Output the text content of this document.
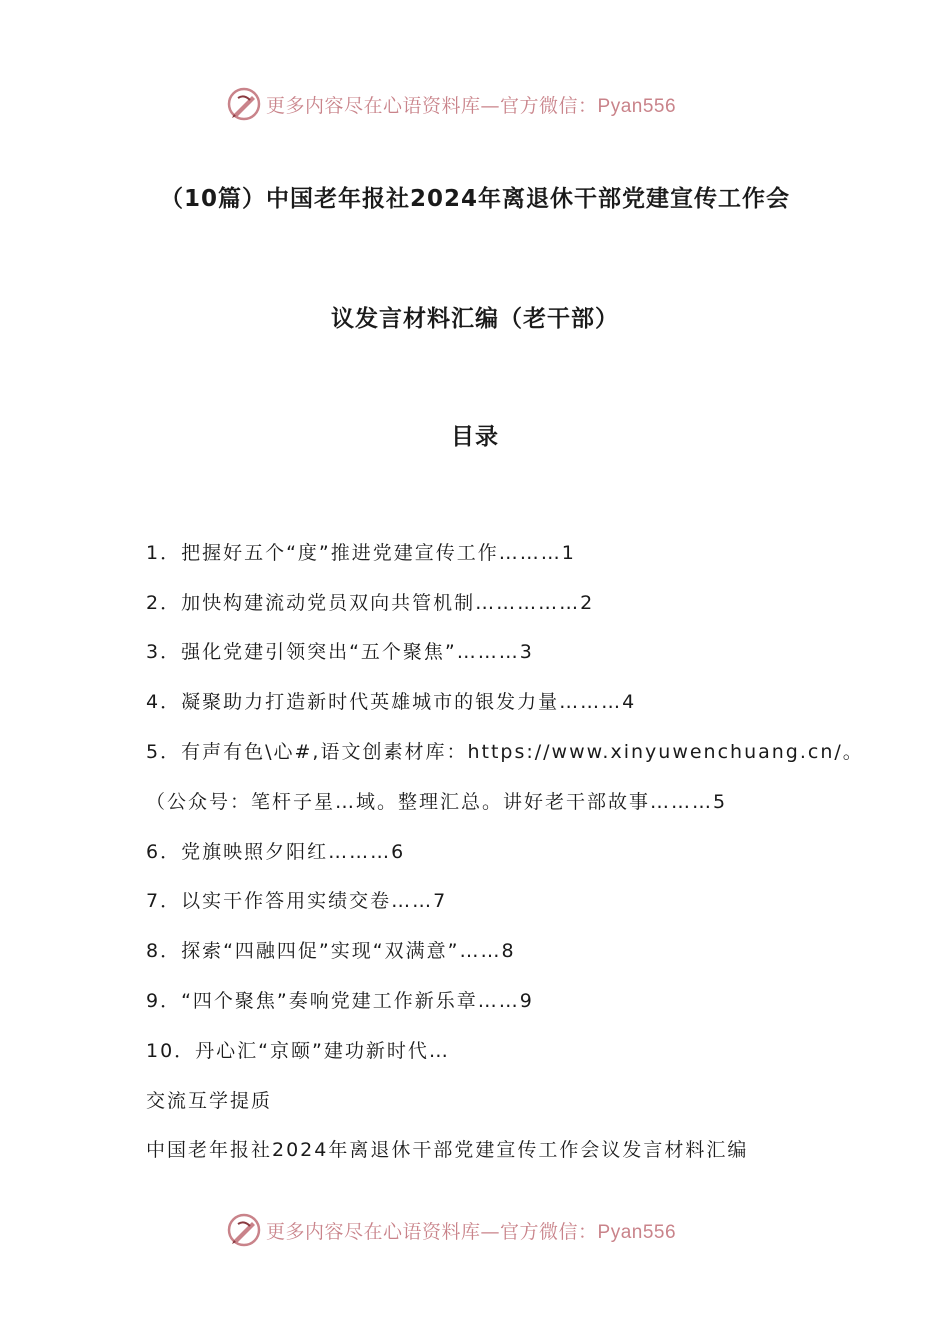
更多内容尽在心语资料库—官方微信：Pyan556
（10篇）中国老年报社2024年离退休干部党建宣传工作会
议发言材料汇编（老干部）
目录
1．把握好五个“度”推进党建宣传工作………1
2．加快构建流动党员双向共管机制……………2
3．强化党建引领突出“五个聚焦”………3
4．凝聚助力打造新时代英雄城市的银发力量………4
5．有声有色\心#,语文创素材库：https://www.xinyuwenchuang.cn/。
（公众号：笔杆子星…域。整理汇总。讲好老干部故事………5
6．党旗映照夕阳红………6
7．以实干作答用实绩交卷……7
8．探索“四融四促”实现“双满意”……8
9．“四个聚焦”奏响党建工作新乐章……9
10．丹心汇“京颐”建功新时代…
交流互学提质
中国老年报社2024年离退休干部党建宣传工作会议发言材料汇编
更多内容尽在心语资料库—官方微信：Pyan556
